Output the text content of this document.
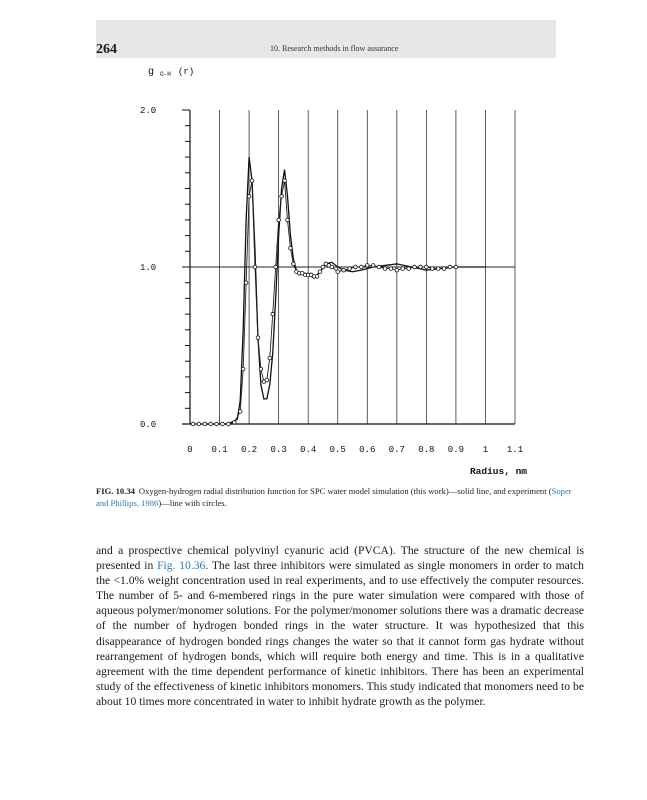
264	10. Research methods in flow assurance
2.0
1.0
0.0
0 0.1 0.2 0.3 0.4 0.5 0.6 0.7 0.8 0.9 1 1.1
g O-H (r)
Radius, nm
FIG. 10.34 Oxygen-hydrogen radial distribution function for SPC water model simulation (this work)—solid line, and experiment (Soper and Phillips, 1986)—line with circles.

and a prospective chemical polyvinyl cyanuric acid (PVCA). The structure of the new chemical is presented in Fig. 10.36. The last three inhibitors were simulated as single monomers in order to match the <1.0% weight concentration used in real experiments, and to use effectively the computer resources. The number of 5- and 6-membered rings in the pure water simulation were compared with those of aqueous polymer/monomer solutions. For the polymer/monomer solutions there was a dramatic decrease of the number of hydrogen bonded rings in the water structure. It was hypothesized that this disappearance of hydrogen bonded rings changes the water so that it cannot form gas hydrate without rearrangement of hydrogen bonds, which will require both energy and time. This is in a qualitative agreement with the time dependent performance of kinetic inhibitors. There has been an experimental study of the effectiveness of kinetic inhibitors monomers. This study indicated that monomers need to be about 10 times more concentrated in water to inhibit hydrate growth as the polymer.
